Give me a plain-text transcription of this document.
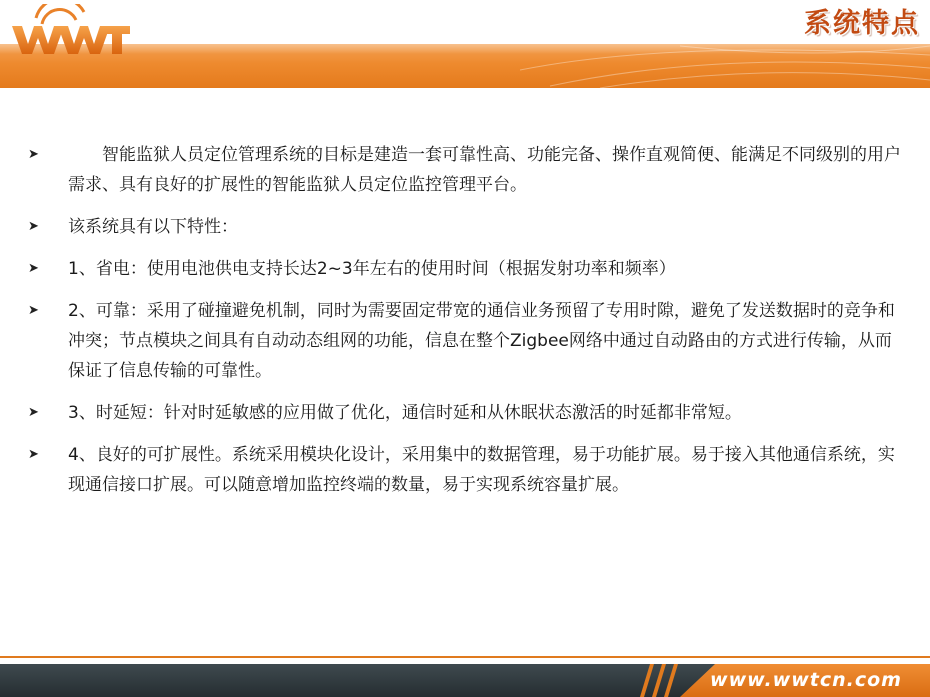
系统特点
➤	智能监狱人员定位管理系统的目标是建造一套可靠性高、功能完备、操作直观简便、能满足不同级别的用户需求、具有良好的扩展性的智能监狱人员定位监控管理平台。
➤	该系统具有以下特性：
➤	1、省电：使用电池供电支持长达2~3年左右的使用时间（根据发射功率和频率）
➤	2、可靠：采用了碰撞避免机制，同时为需要固定带宽的通信业务预留了专用时隙，避免了发送数据时的竞争和冲突；节点模块之间具有自动动态组网的功能，信息在整个Zigbee网络中通过自动路由的方式进行传输，从而保证了信息传输的可靠性。
➤	3、时延短：针对时延敏感的应用做了优化，通信时延和从休眠状态激活的时延都非常短。
➤	4、良好的可扩展性。系统采用模块化设计，采用集中的数据管理，易于功能扩展。易于接入其他通信系统，实现通信接口扩展。可以随意增加监控终端的数量，易于实现系统容量扩展。
www.wwtcn.com
